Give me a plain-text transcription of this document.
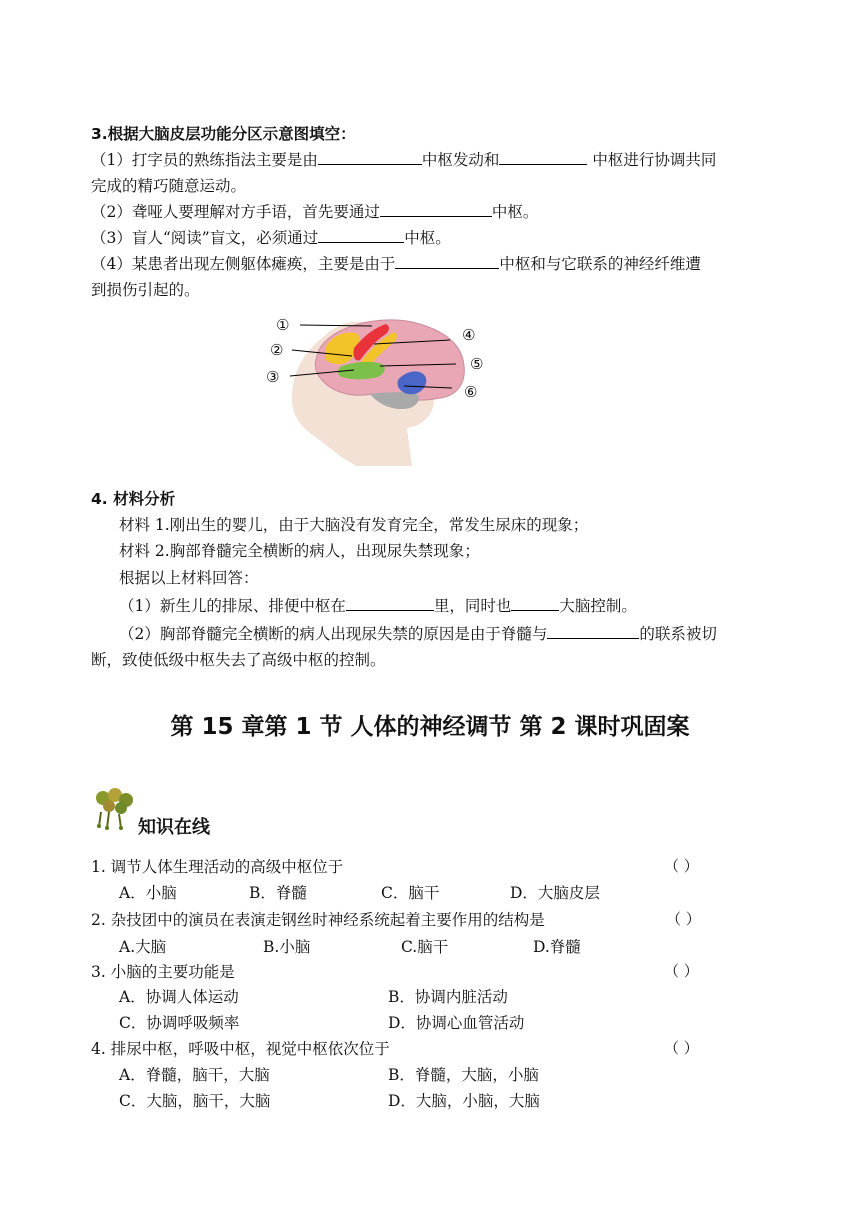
3.根据大脑皮层功能分区示意图填空：
（1）打字员的熟练指法主要是由	中枢发动和	中枢进行协调共同
完成的精巧随意运动。
（2）聋哑人要理解对方手语，首先要通过	中枢。
（3）盲人“阅读”盲文，必须通过	中枢。
（4）某患者出现左侧躯体瘫痪，主要是由于	中枢和与它联系的神经纤维遭
到损伤引起的。
①
②
③
④
⑤
⑥
4. 材料分析
材料 1.刚出生的婴儿，由于大脑没有发育完全，常发生尿床的现象；
材料 2.胸部脊髓完全横断的病人，出现尿失禁现象；
根据以上材料回答：
（1）新生儿的排尿、排便中枢在	里，同时也	大脑控制。
（2）胸部脊髓完全横断的病人出现尿失禁的原因是由于脊髓与	的联系被切
断，致使低级中枢失去了高级中枢的控制。
第 15 章第 1 节 人体的神经调节 第 2 课时巩固案
知识在线
1. 调节人体生理活动的高级中枢位于	（ ）
A．小脑	B．脊髓	C．脑干	D．大脑皮层
2. 杂技团中的演员在表演走钢丝时神经系统起着主要作用的结构是	（ ）
A.大脑	B.小脑	C.脑干	D.脊髓
3. 小脑的主要功能是	（ ）
A．协调人体运动	B．协调内脏活动
C．协调呼吸频率	D．协调心血管活动
4. 排尿中枢，呼吸中枢，视觉中枢依次位于	（ ）
A．脊髓，脑干，大脑	B．脊髓，大脑，小脑
C．大脑，脑干，大脑	D．大脑，小脑，大脑
